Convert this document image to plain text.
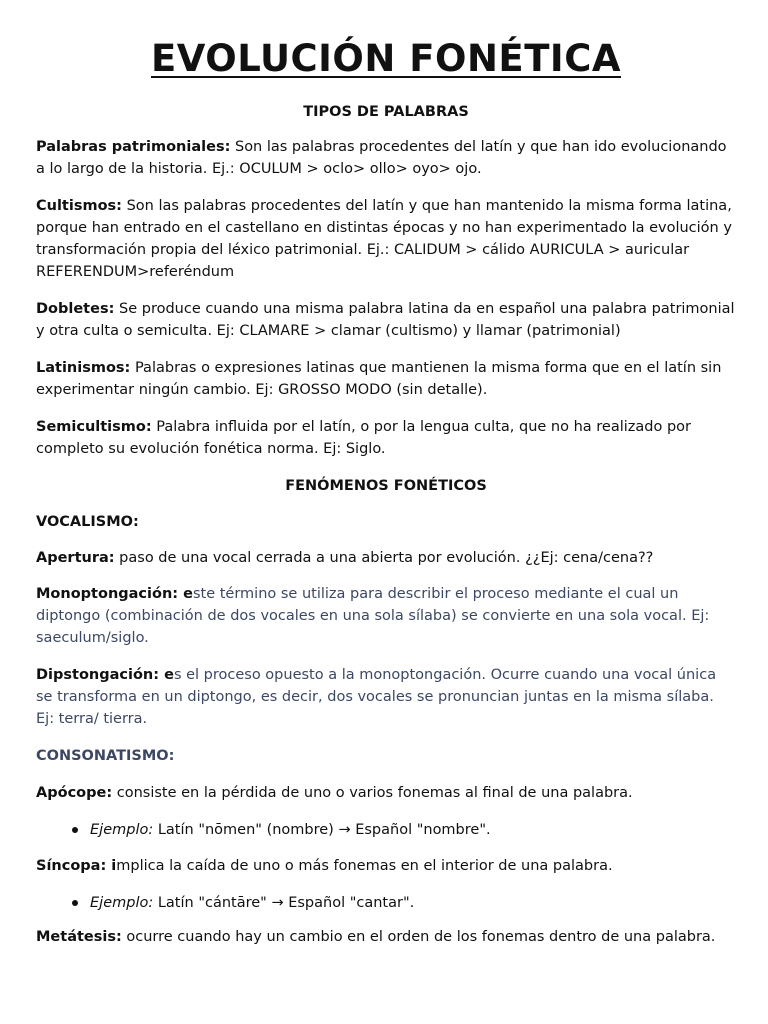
EVOLUCIÓN FONÉTICA
TIPOS DE PALABRAS

Palabras patrimoniales: Son las palabras procedentes del latín y que han ido evolucionando a lo largo de la historia. Ej.: OCULUM > oclo> ollo> oyo> ojo.

Cultismos: Son las palabras procedentes del latín y que han mantenido la misma forma latina, porque han entrado en el castellano en distintas épocas y no han experimentado la evolución y transformación propia del léxico patrimonial. Ej.: CALIDUM > cálido AURICULA > auricular REFERENDUM>referéndum

Dobletes: Se produce cuando una misma palabra latina da en español una palabra patrimonial y otra culta o semiculta. Ej: CLAMARE > clamar (cultismo) y llamar (patrimonial)

Latinismos: Palabras o expresiones latinas que mantienen la misma forma que en el latín sin experimentar ningún cambio. Ej: GROSSO MODO (sin detalle).

Semicultismo: Palabra influida por el latín, o por la lengua culta, que no ha realizado por completo su evolución fonética norma. Ej: Siglo.

FENÓMENOS FONÉTICOS
VOCALISMO:

Apertura: paso de una vocal cerrada a una abierta por evolución. ¿¿Ej: cena/cena??

Monoptongación: este término se utiliza para describir el proceso mediante el cual un diptongo (combinación de dos vocales en una sola sílaba) se convierte en una sola vocal. Ej: saeculum/siglo.

Dipstongación: es el proceso opuesto a la monoptongación. Ocurre cuando una vocal única se transforma en un diptongo, es decir, dos vocales se pronuncian juntas en la misma sílaba. Ej: terra/ tierra.

CONSONATISMO:

Apócope: consiste en la pérdida de uno o varios fonemas al final de una palabra.

Ejemplo: Latín "nōmen" (nombre) → Español "nombre".

Síncopa: implica la caída de uno o más fonemas en el interior de una palabra.

Ejemplo: Latín "cántāre" → Español "cantar".

Metátesis: ocurre cuando hay un cambio en el orden de los fonemas dentro de una palabra.
